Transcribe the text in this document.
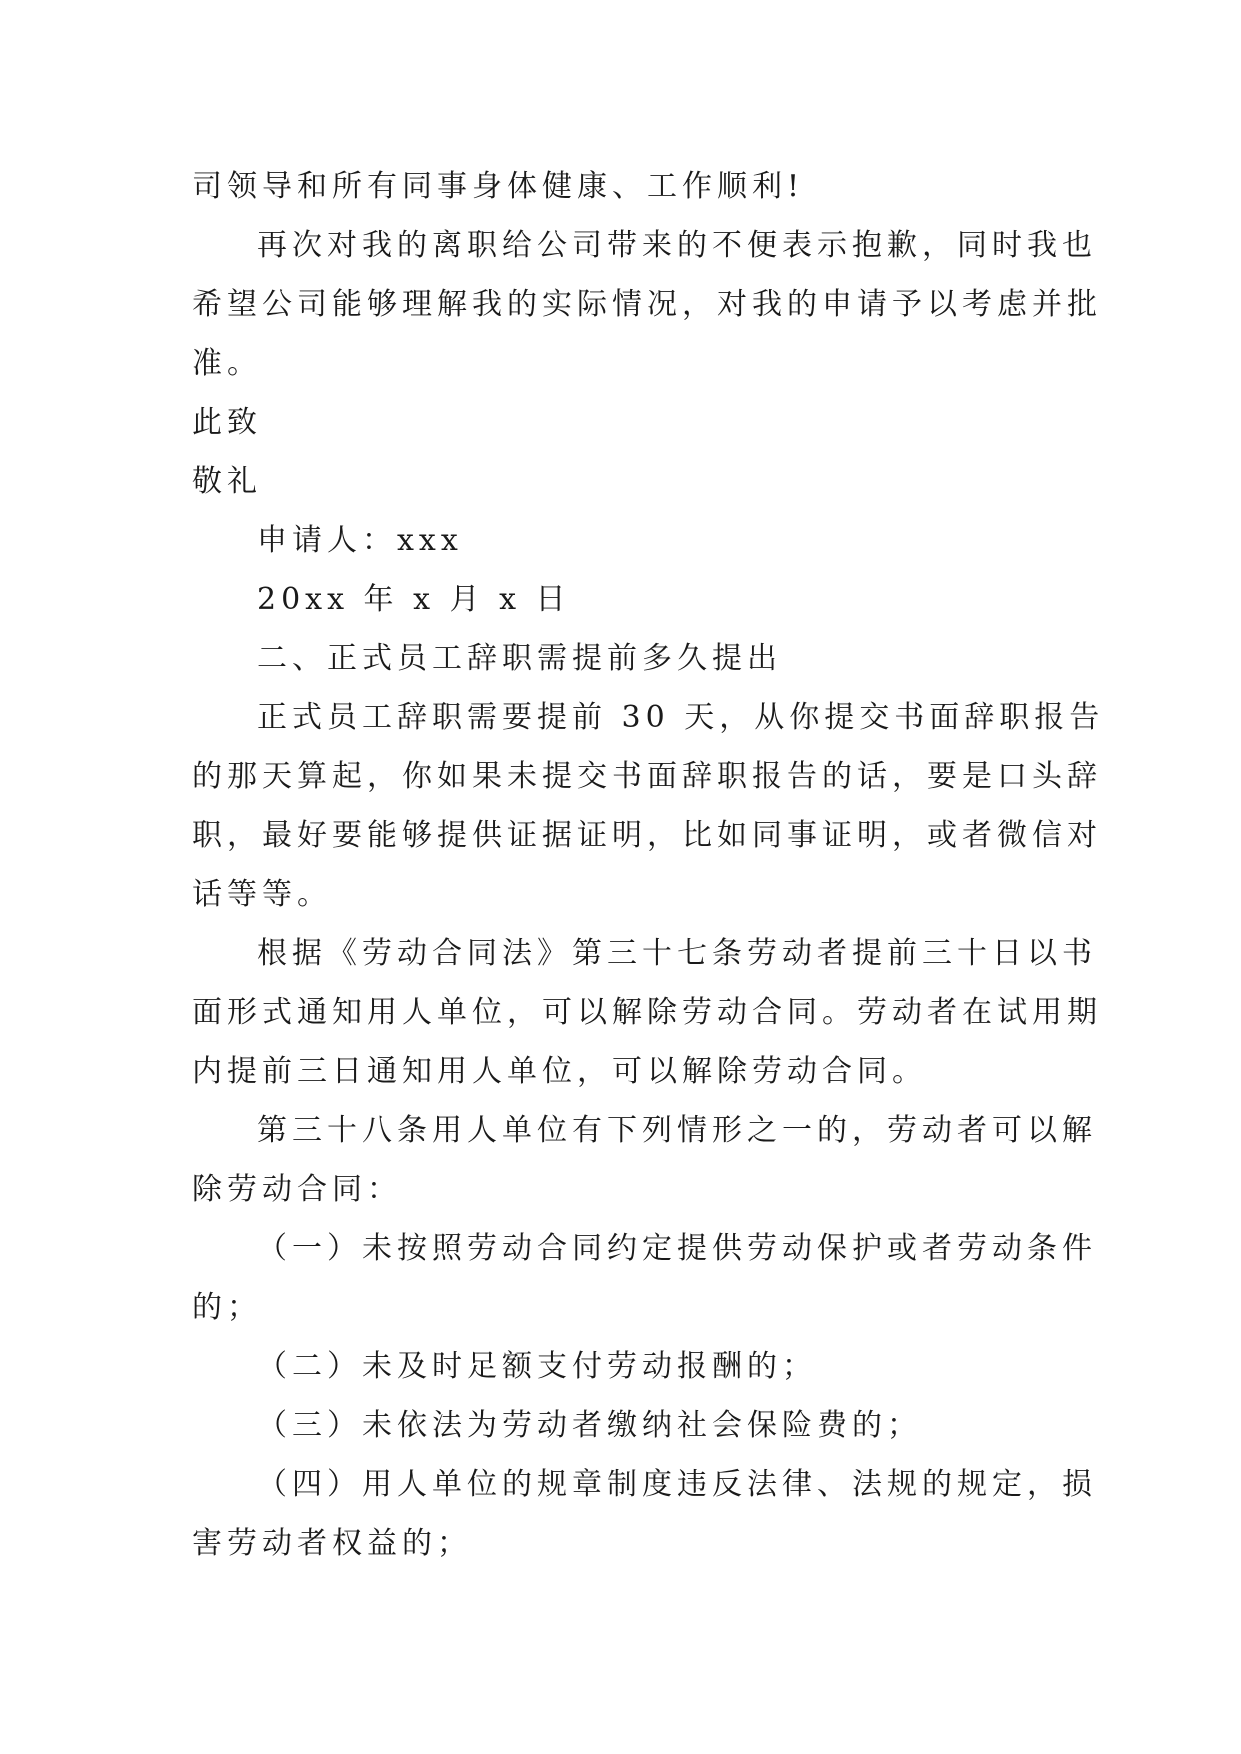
司领导和所有同事身体健康、工作顺利!
再次对我的离职给公司带来的不便表示抱歉，同时我也
希望公司能够理解我的实际情况，对我的申请予以考虑并批
准。
此致
敬礼
申请人：xxx
20xx 年 x 月 x 日
二、正式员工辞职需提前多久提出
正式员工辞职需要提前 30 天，从你提交书面辞职报告
的那天算起，你如果未提交书面辞职报告的话，要是口头辞
职，最好要能够提供证据证明，比如同事证明，或者微信对
话等等。
根据《劳动合同法》第三十七条劳动者提前三十日以书
面形式通知用人单位，可以解除劳动合同。劳动者在试用期
内提前三日通知用人单位，可以解除劳动合同。
第三十八条用人单位有下列情形之一的，劳动者可以解
除劳动合同：
（一）未按照劳动合同约定提供劳动保护或者劳动条件
的；
（二）未及时足额支付劳动报酬的；
（三）未依法为劳动者缴纳社会保险费的；
（四）用人单位的规章制度违反法律、法规的规定，损
害劳动者权益的；
